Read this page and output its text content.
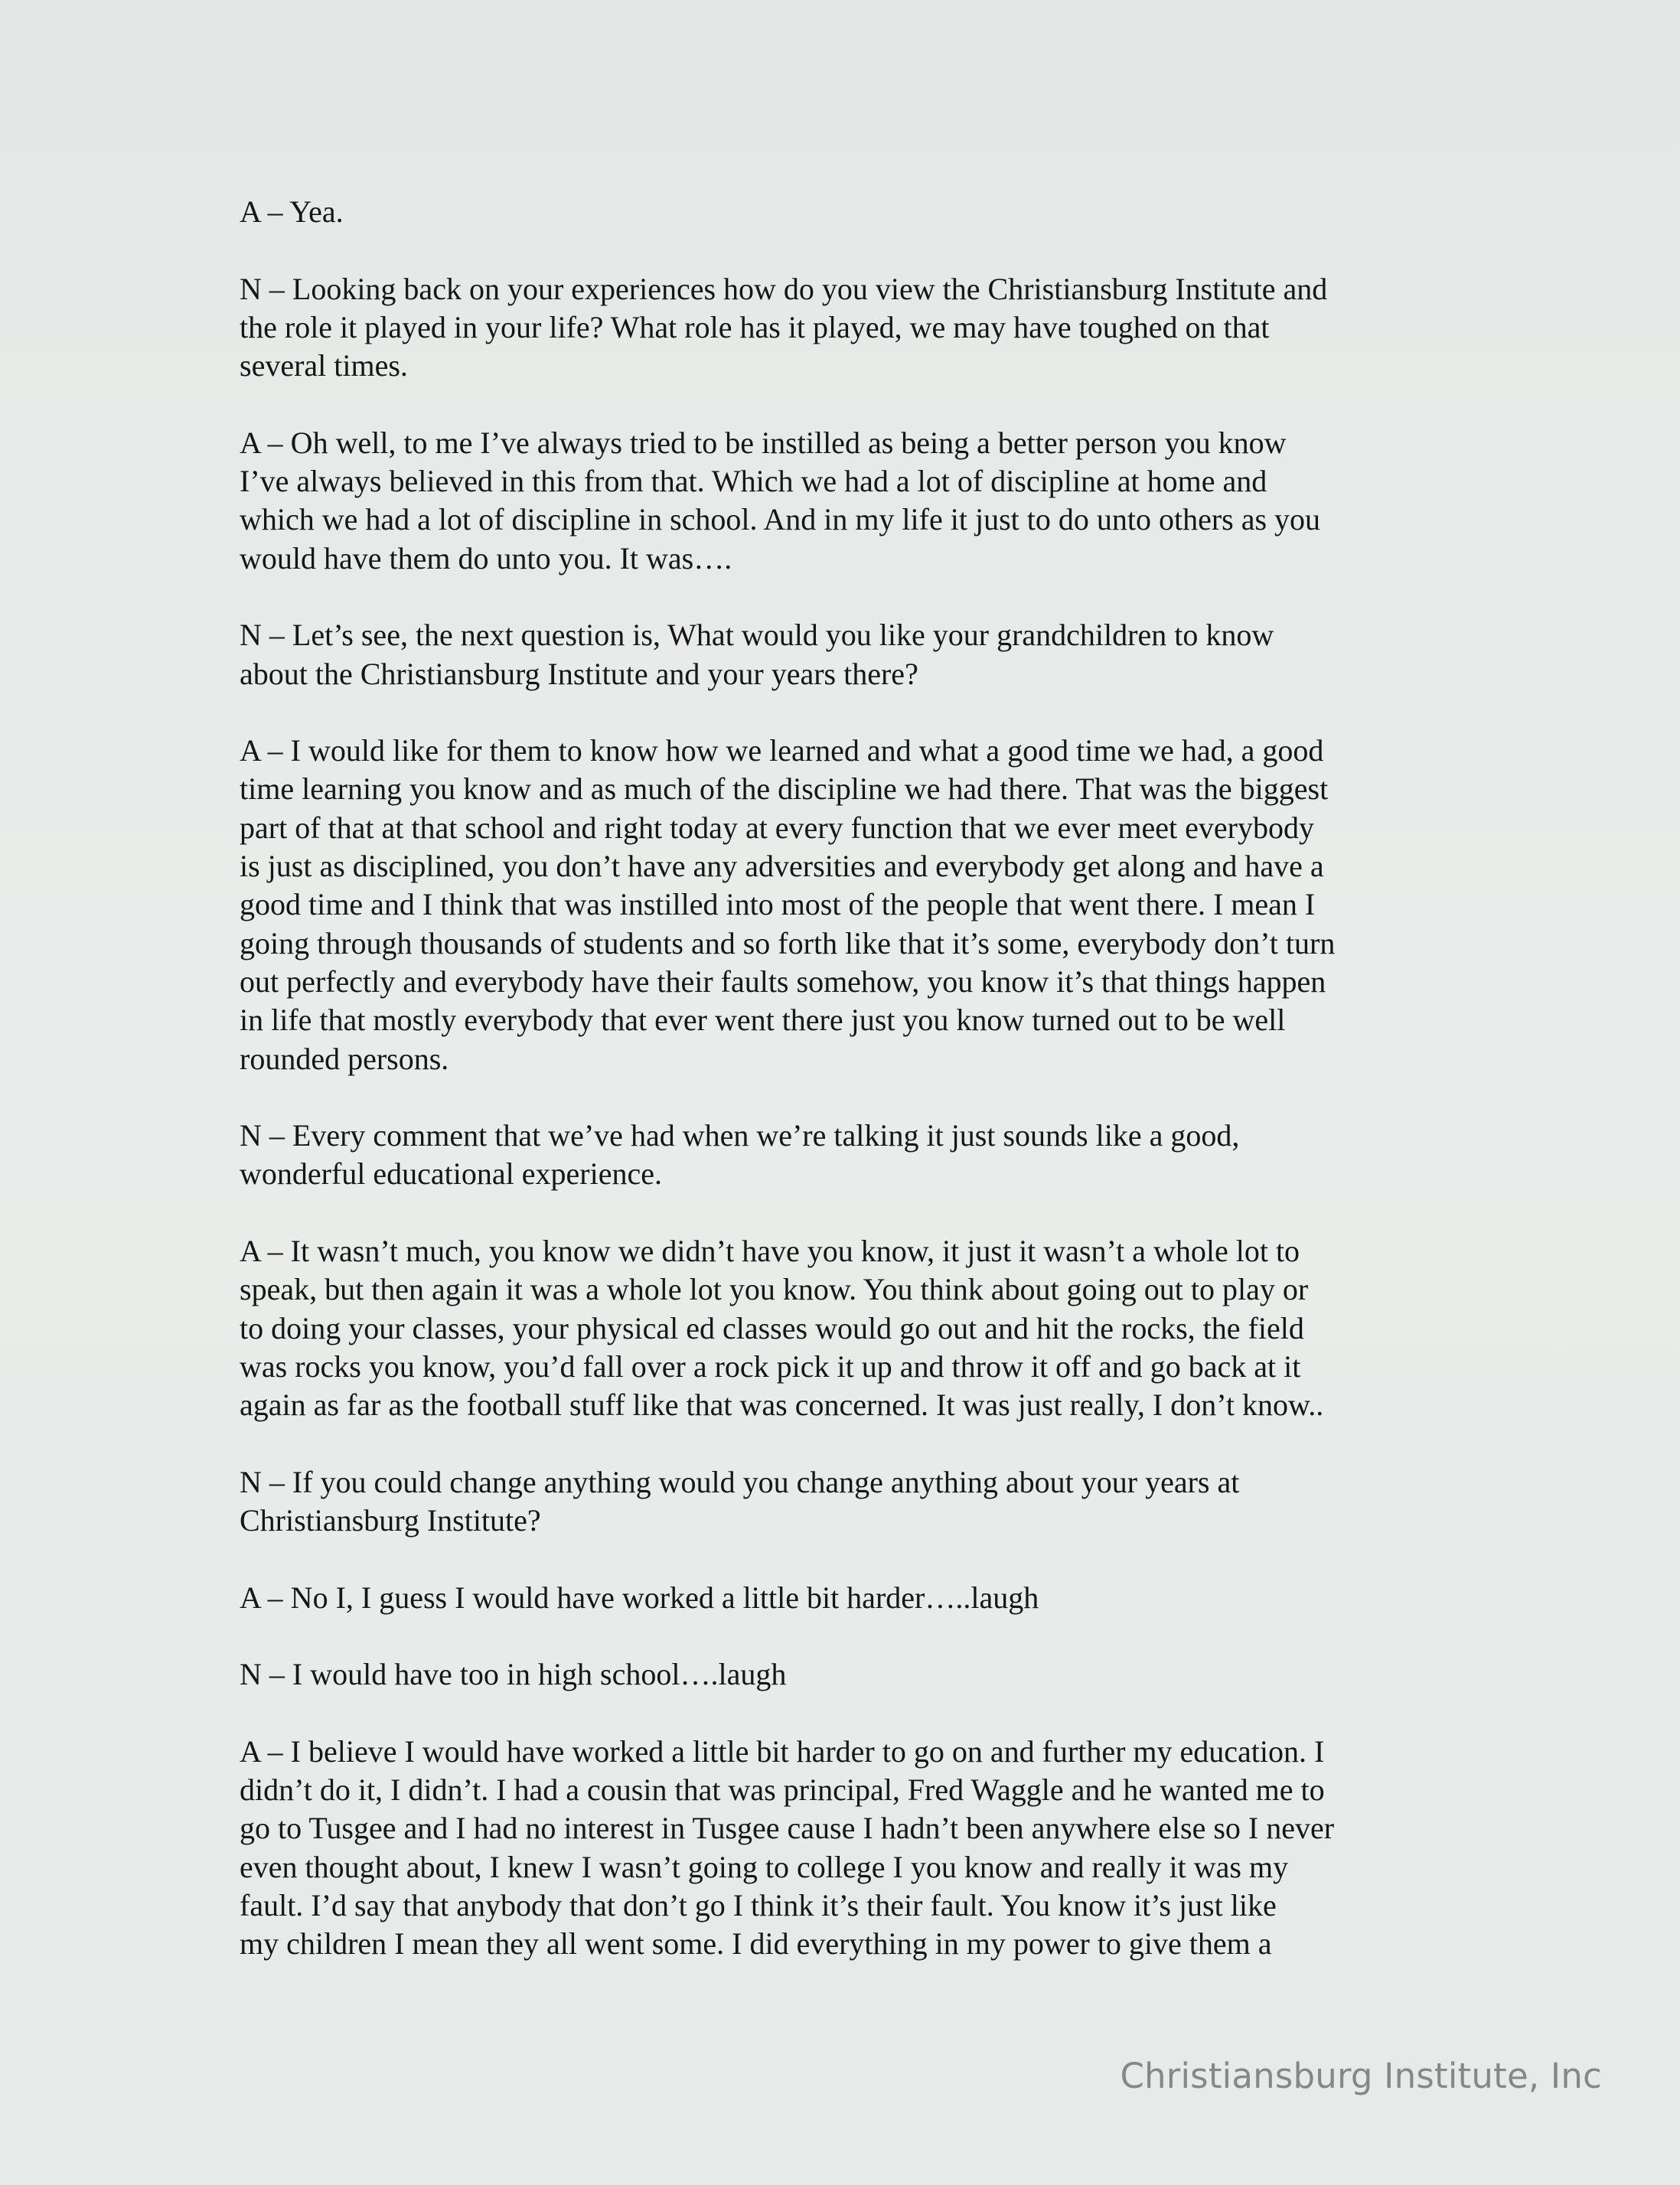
A – Yea.

N – Looking back on your experiences how do you view the Christiansburg Institute and
the role it played in your life? What role has it played, we may have toughed on that
several times.

A – Oh well, to me I’ve always tried to be instilled as being a better person you know
I’ve always believed in this from that. Which we had a lot of discipline at home and
which we had a lot of discipline in school. And in my life it just to do unto others as you
would have them do unto you. It was….

N – Let’s see, the next question is, What would you like your grandchildren to know
about the Christiansburg Institute and your years there?

A – I would like for them to know how we learned and what a good time we had, a good
time learning you know and as much of the discipline we had there. That was the biggest
part of that at that school and right today at every function that we ever meet everybody
is just as disciplined, you don’t have any adversities and everybody get along and have a
good time and I think that was instilled into most of the people that went there. I mean I
going through thousands of students and so forth like that it’s some, everybody don’t turn
out perfectly and everybody have their faults somehow, you know it’s that things happen
in life that mostly everybody that ever went there just you know turned out to be well
rounded persons.

N – Every comment that we’ve had when we’re talking it just sounds like a good,
wonderful educational experience.

A – It wasn’t much, you know we didn’t have you know, it just it wasn’t a whole lot to
speak, but then again it was a whole lot you know. You think about going out to play or
to doing your classes, your physical ed classes would go out and hit the rocks, the field
was rocks you know, you’d fall over a rock pick it up and throw it off and go back at it
again as far as the football stuff like that was concerned. It was just really, I don’t know..

N – If you could change anything would you change anything about your years at
Christiansburg Institute?

A – No I, I guess I would have worked a little bit harder…..laugh

N – I would have too in high school….laugh

A – I believe I would have worked a little bit harder to go on and further my education. I
didn’t do it, I didn’t. I had a cousin that was principal, Fred Waggle and he wanted me to
go to Tusgee and I had no interest in Tusgee cause I hadn’t been anywhere else so I never
even thought about, I knew I wasn’t going to college I you know and really it was my
fault. I’d say that anybody that don’t go I think it’s their fault. You know it’s just like
my children I mean they all went some. I did everything in my power to give them a

Christiansburg Institute, Inc
